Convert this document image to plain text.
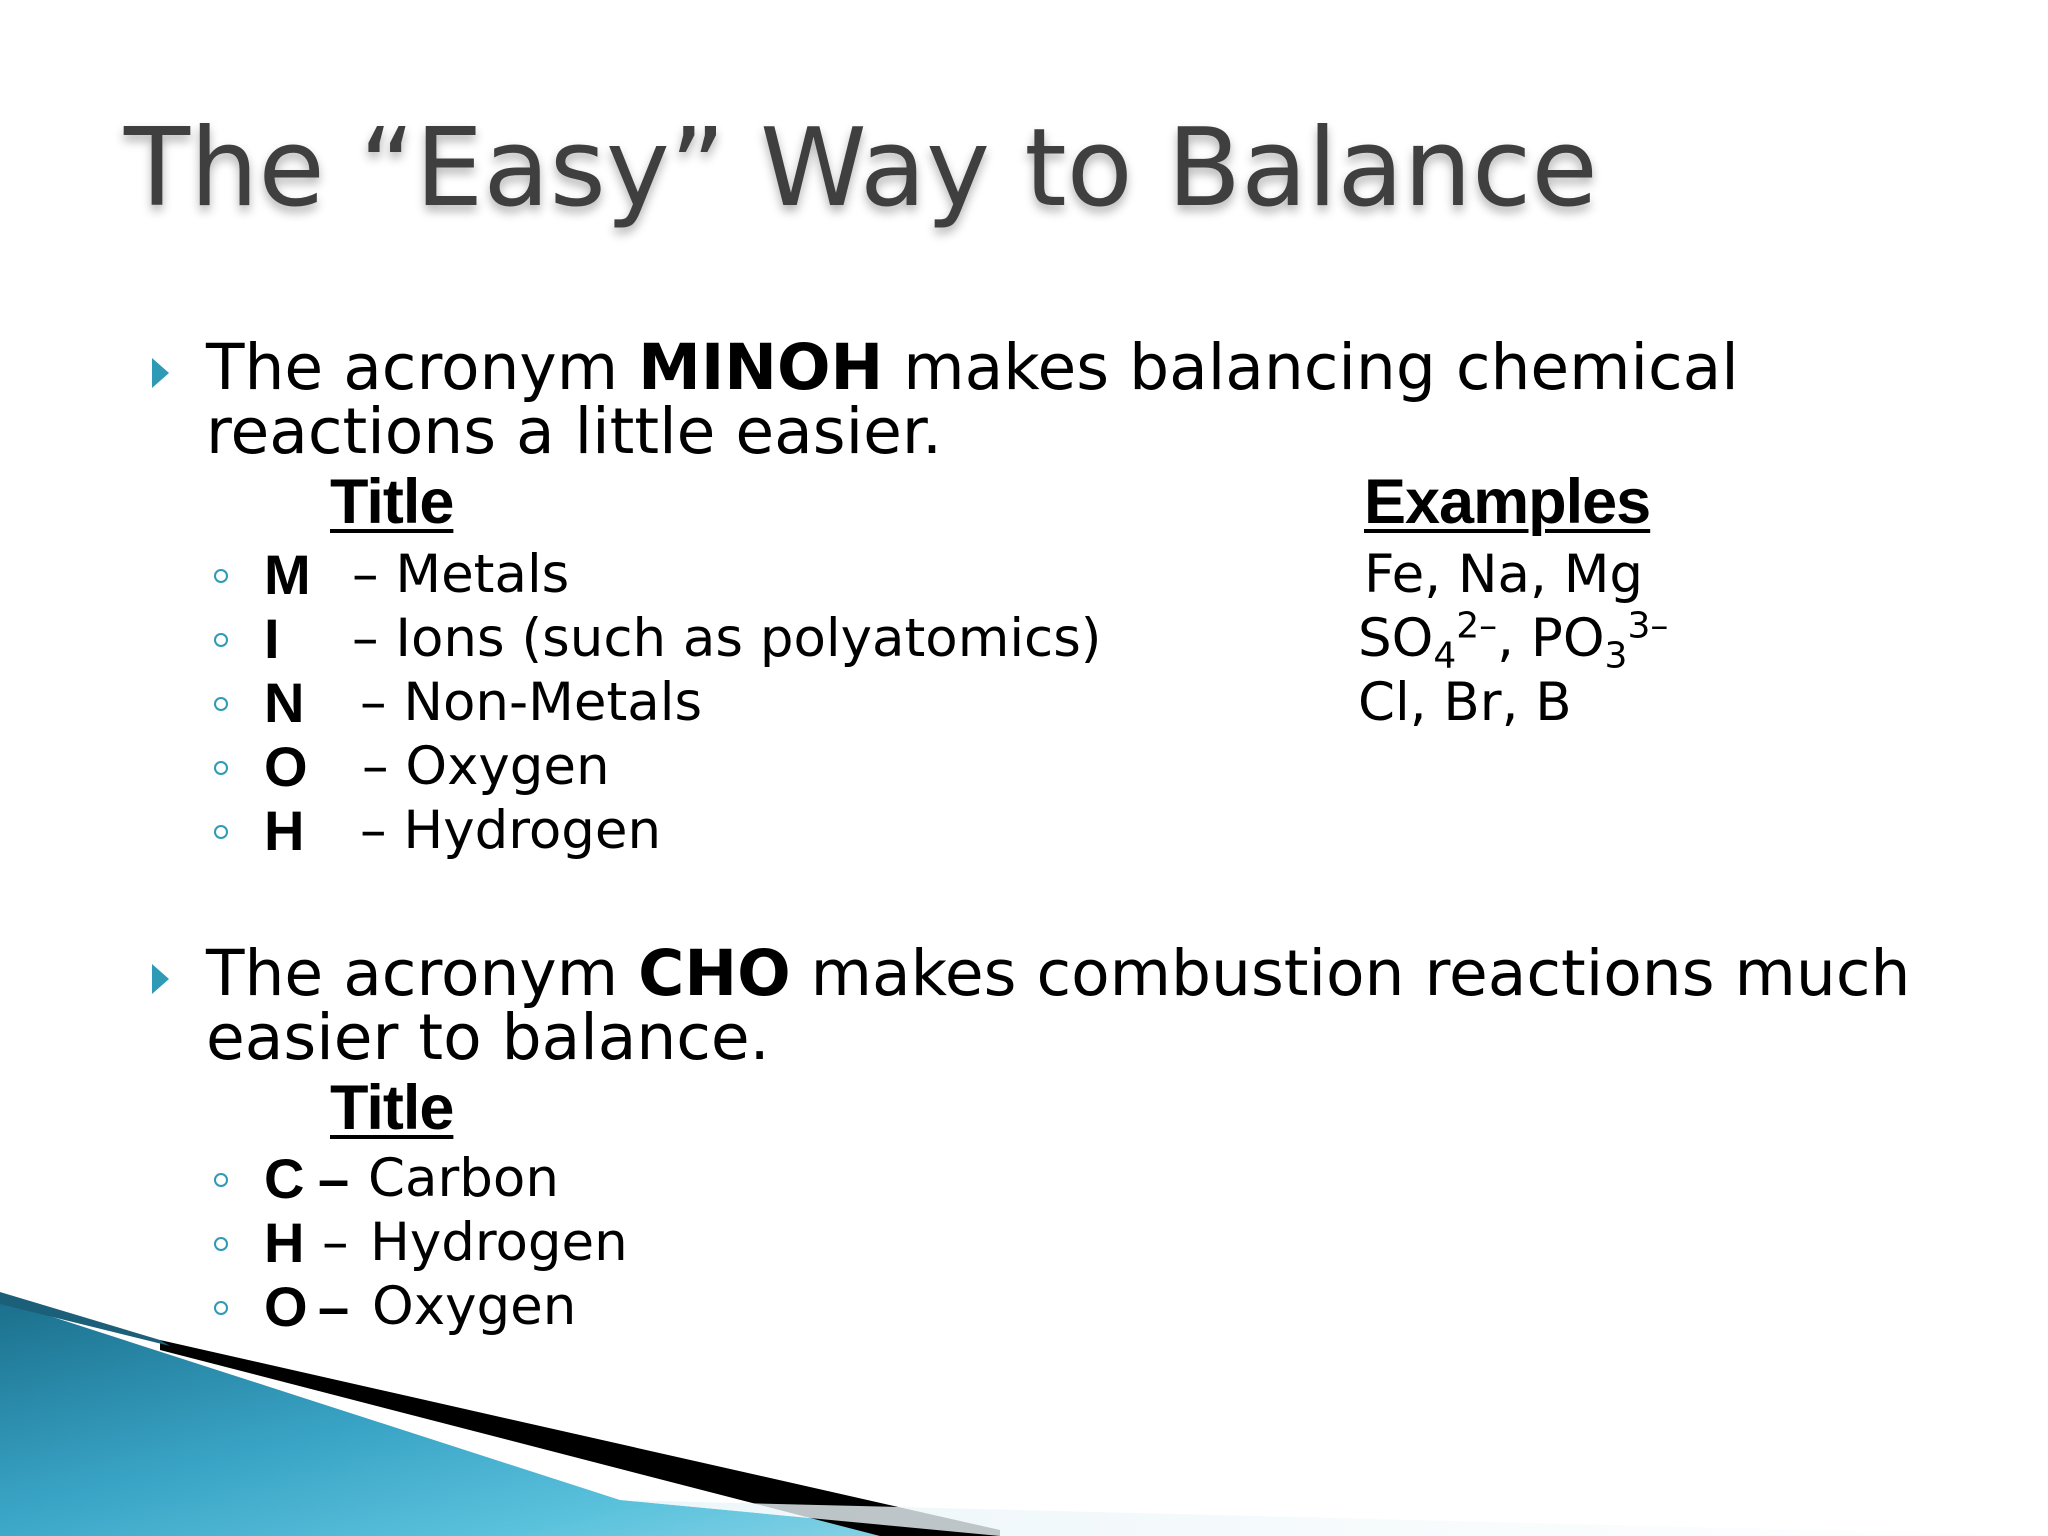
The “Easy” Way to Balance

The acronym MINOH makes balancing chemical reactions a little easier.

Title	Examples
M – Metals	Fe, Na, Mg
I – Ions (such as polyatomics)	$SO_4^{2-}$, $PO_3^{3-}$
N – Non-Metals	Cl, Br, B
O – Oxygen
H – Hydrogen

The acronym CHO makes combustion reactions much easier to balance.

Title
C – Carbon
H – Hydrogen
O – Oxygen
